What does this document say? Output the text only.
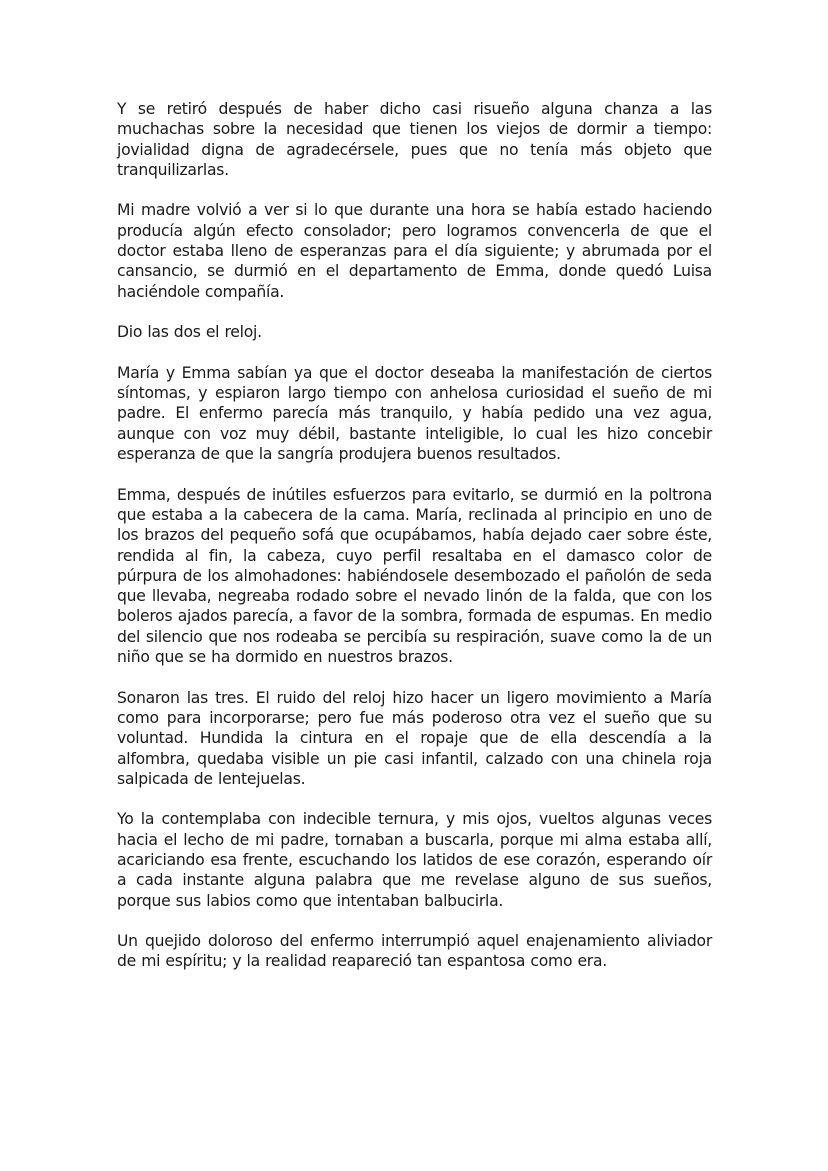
Y se retiró después de haber dicho casi risueño alguna chanza a las muchachas sobre la necesidad que tienen los viejos de dormir a tiempo: jovialidad digna de agradecérsele, pues que no tenía más objeto que tranquilizarlas.

Mi madre volvió a ver si lo que durante una hora se había estado haciendo producía algún efecto consolador; pero logramos convencerla de que el doctor estaba lleno de esperanzas para el día siguiente; y abrumada por el cansancio, se durmió en el departamento de Emma, donde quedó Luisa haciéndole compañía.

Dio las dos el reloj.

María y Emma sabían ya que el doctor deseaba la manifestación de ciertos síntomas, y espiaron largo tiempo con anhelosa curiosidad el sueño de mi padre. El enfermo parecía más tranquilo, y había pedido una vez agua, aunque con voz muy débil, bastante inteligible, lo cual les hizo concebir esperanza de que la sangría produjera buenos resultados.

Emma, después de inútiles esfuerzos para evitarlo, se durmió en la poltrona que estaba a la cabecera de la cama. María, reclinada al principio en uno de los brazos del pequeño sofá que ocupábamos, había dejado caer sobre éste, rendida al fin, la cabeza, cuyo perfil resaltaba en el damasco color de púrpura de los almohadones: habiéndosele desembozado el pañolón de seda que llevaba, negreaba rodado sobre el nevado linón de la falda, que con los boleros ajados parecía, a favor de la sombra, formada de espumas. En medio del silencio que nos rodeaba se percibía su respiración, suave como la de un niño que se ha dormido en nuestros brazos.

Sonaron las tres. El ruido del reloj hizo hacer un ligero movimiento a María como para incorporarse; pero fue más poderoso otra vez el sueño que su voluntad. Hundida la cintura en el ropaje que de ella descendía a la alfombra, quedaba visible un pie casi infantil, calzado con una chinela roja salpicada de lentejuelas.

Yo la contemplaba con indecible ternura, y mis ojos, vueltos algunas veces hacia el lecho de mi padre, tornaban a buscarla, porque mi alma estaba allí, acariciando esa frente, escuchando los latidos de ese corazón, esperando oír a cada instante alguna palabra que me revelase alguno de sus sueños, porque sus labios como que intentaban balbucirla.

Un quejido doloroso del enfermo interrumpió aquel enajenamiento aliviador de mi espíritu; y la realidad reapareció tan espantosa como era.
